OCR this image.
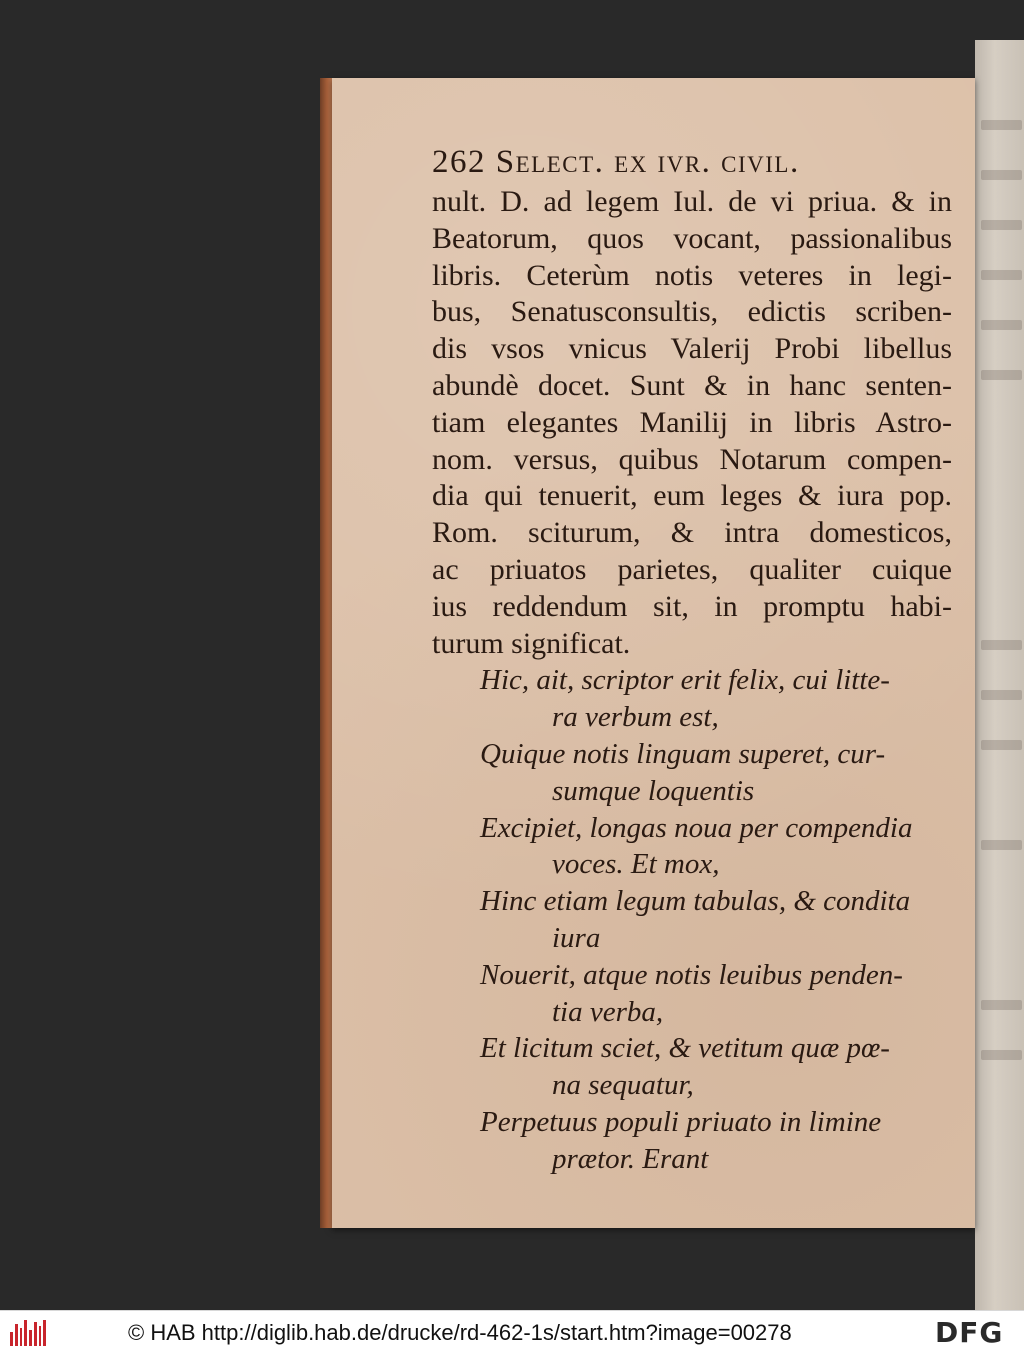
262 Select. ex ivr. civil.
nult. D. ad legem Iul. de vi priua. & in
Beatorum, quos vocant, passionalibus
libris. Ceterùm notis veteres in legi-
bus, Senatusconsultis, edictis scriben-
dis vsos vnicus Valerij Probi libellus
abundè docet. Sunt & in hanc senten-
tiam elegantes Manilij in libris Astro-
nom. versus, quibus Notarum compen-
dia qui tenuerit, eum leges & iura pop.
Rom. sciturum, & intra domesticos,
ac priuatos parietes, qualiter cuique
ius reddendum sit, in promptu habi-
turum significat.
Hic, ait, scriptor erit felix, cui litte-
ra verbum est,
Quique notis linguam superet, cur-
sumque loquentis
Excipiet, longas noua per compendia
voces. Et mox,
Hinc etiam legum tabulas, & condita
iura
Nouerit, atque notis leuibus penden-
tia verba,
Et licitum sciet, & vetitum quæ pœ-
na sequatur,
Perpetuus populi priuato in limine
prætor. Erant
© HAB http://diglib.hab.de/drucke/rd-462-1s/start.htm?image=00278	DFG
